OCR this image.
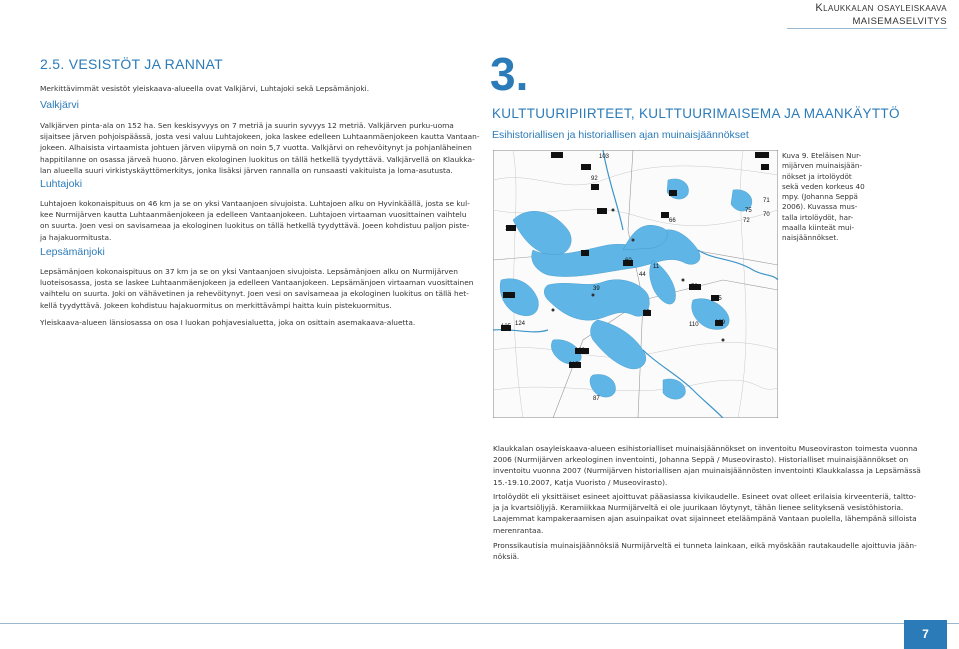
Klaukkalan osayleiskaava
MAISEMASELVITYS
2.5. VESISTÖT JA RANNAT
Merkittävimmät vesistöt yleiskaava-alueella ovat Valkjärvi, Luhtajoki sekä Lepsämänjoki.
Valkjärvi
Valkjärven pinta-ala on 152 ha. Sen keskisyvyys on 7 metriä ja suurin syvyys 12 metriä. Valkjärven purku-uoma
sijaitsee järven pohjoispäässä, josta vesi valuu Luhtajokeen, joka laskee edelleen Luhtaanmäenjokeen kautta Vantaan-
jokeen. Alhaisista virtaamista johtuen järven viipymä on noin 5,7 vuotta. Valkjärvi on rehevöitynyt ja pohjanläheinen
happitilanne on osassa järveä huono. Järven ekologinen luokitus on tällä hetkellä tyydyttävä. Valkjärvellä on Klaukka-
lan alueella suuri virkistyskäyttömerkitys, jonka lisäksi järven rannalla on runsaasti vakituista ja loma-asutusta.
Luhtajoki
Luhtajoen kokonaispituus on 46 km ja se on yksi Vantaanjoen sivujoista. Luhtajoen alku on Hyvinkäällä, josta se kul-
kee Nurmijärven kautta Luhtaanmäenjokeen ja edelleen Vantaanjokeen. Luhtajoen virtaaman vuosittainen vaihtelu
on suurta. Joen vesi on savisameaa ja ekologinen luokitus on tällä hetkellä tyydyttävä. Joeen kohdistuu paljon piste-
ja hajakuormitusta.
Lepsämänjoki
Lepsämänjoen kokonaispituus on 37 km ja se on yksi Vantaanjoen sivujoista. Lepsämänjoen alku on Nurmijärven
luoteisosassa, josta se laskee Luhtaanmäenjokeen ja edelleen Vantaanjokeen. Lepsämänjoen virtaaman vuosittainen
vaihtelu on suurta. Joki on vähävetinen ja rehevöitynyt. Joen vesi on savisameaa ja ekologinen luokitus on tällä het-
kellä tyydyttävä. Jokeen kohdistuu hajakuormitus on merkittävämpi haitta kuin pistekuormitus.
Yleiskaava-alueen länsiosassa on osa I luokan pohjavesialuetta, joka on osittain asemakaava-aluetta.
3.
KULTTUURIPIIRTEET, KULTTUURIMAISEMA JA MAANKÄYTTÖ
Esihistoriallisen ja historiallisen ajan muinaisjäännökset
130
117
103	132
88
92
93
126
66
75
71
72
70
61
60
39
11
44
53
55
133
125 124
100
115
65
110	129
87
Kuva 9. Eteläisen Nur-
mijärven muinaisjään-
nökset ja irtolöydöt
sekä veden korkeus 40
mpy. (Johanna Seppä
2006). Kuvassa mus-
talla irtolöydöt, har-
maalla kiinteät mui-
naisjäännökset.
Klaukkalan osayleiskaava-alueen esihistorialliset muinaisjäännökset on inventoitu Museoviraston toimesta vuonna
2006 (Nurmijärven arkeologinen inventointi, Johanna Seppä / Museovirasto). Historialliset muinaisjäännökset on
inventoitu vuonna 2007 (Nurmijärven historiallisen ajan muinaisjäännösten inventointi Klaukkalassa ja Lepsämässä
15.-19.10.2007, Katja Vuoristo / Museovirasto).
Irtolöydöt eli yksittäiset esineet ajoittuvat pääasiassa kivikaudelle. Esineet ovat olleet erilaisia kirveenteriä, taltto-
ja ja kvartsiöljyjä. Keramiikkaa Nurmijärveltä ei ole juurikaan löytynyt, tähän lienee selityksenä vesistöhistoria.
Laajemmat kampakeraamisen ajan asuinpaikat ovat sijainneet eteläämpänä Vantaan puolella, lähempänä silloista
merenrantaa.
Pronssikautisia muinaisjäännöksiä Nurmijärveltä ei tunneta lainkaan, eikä myöskään rautakaudelle ajoittuvia jään-
nöksiä.
7
